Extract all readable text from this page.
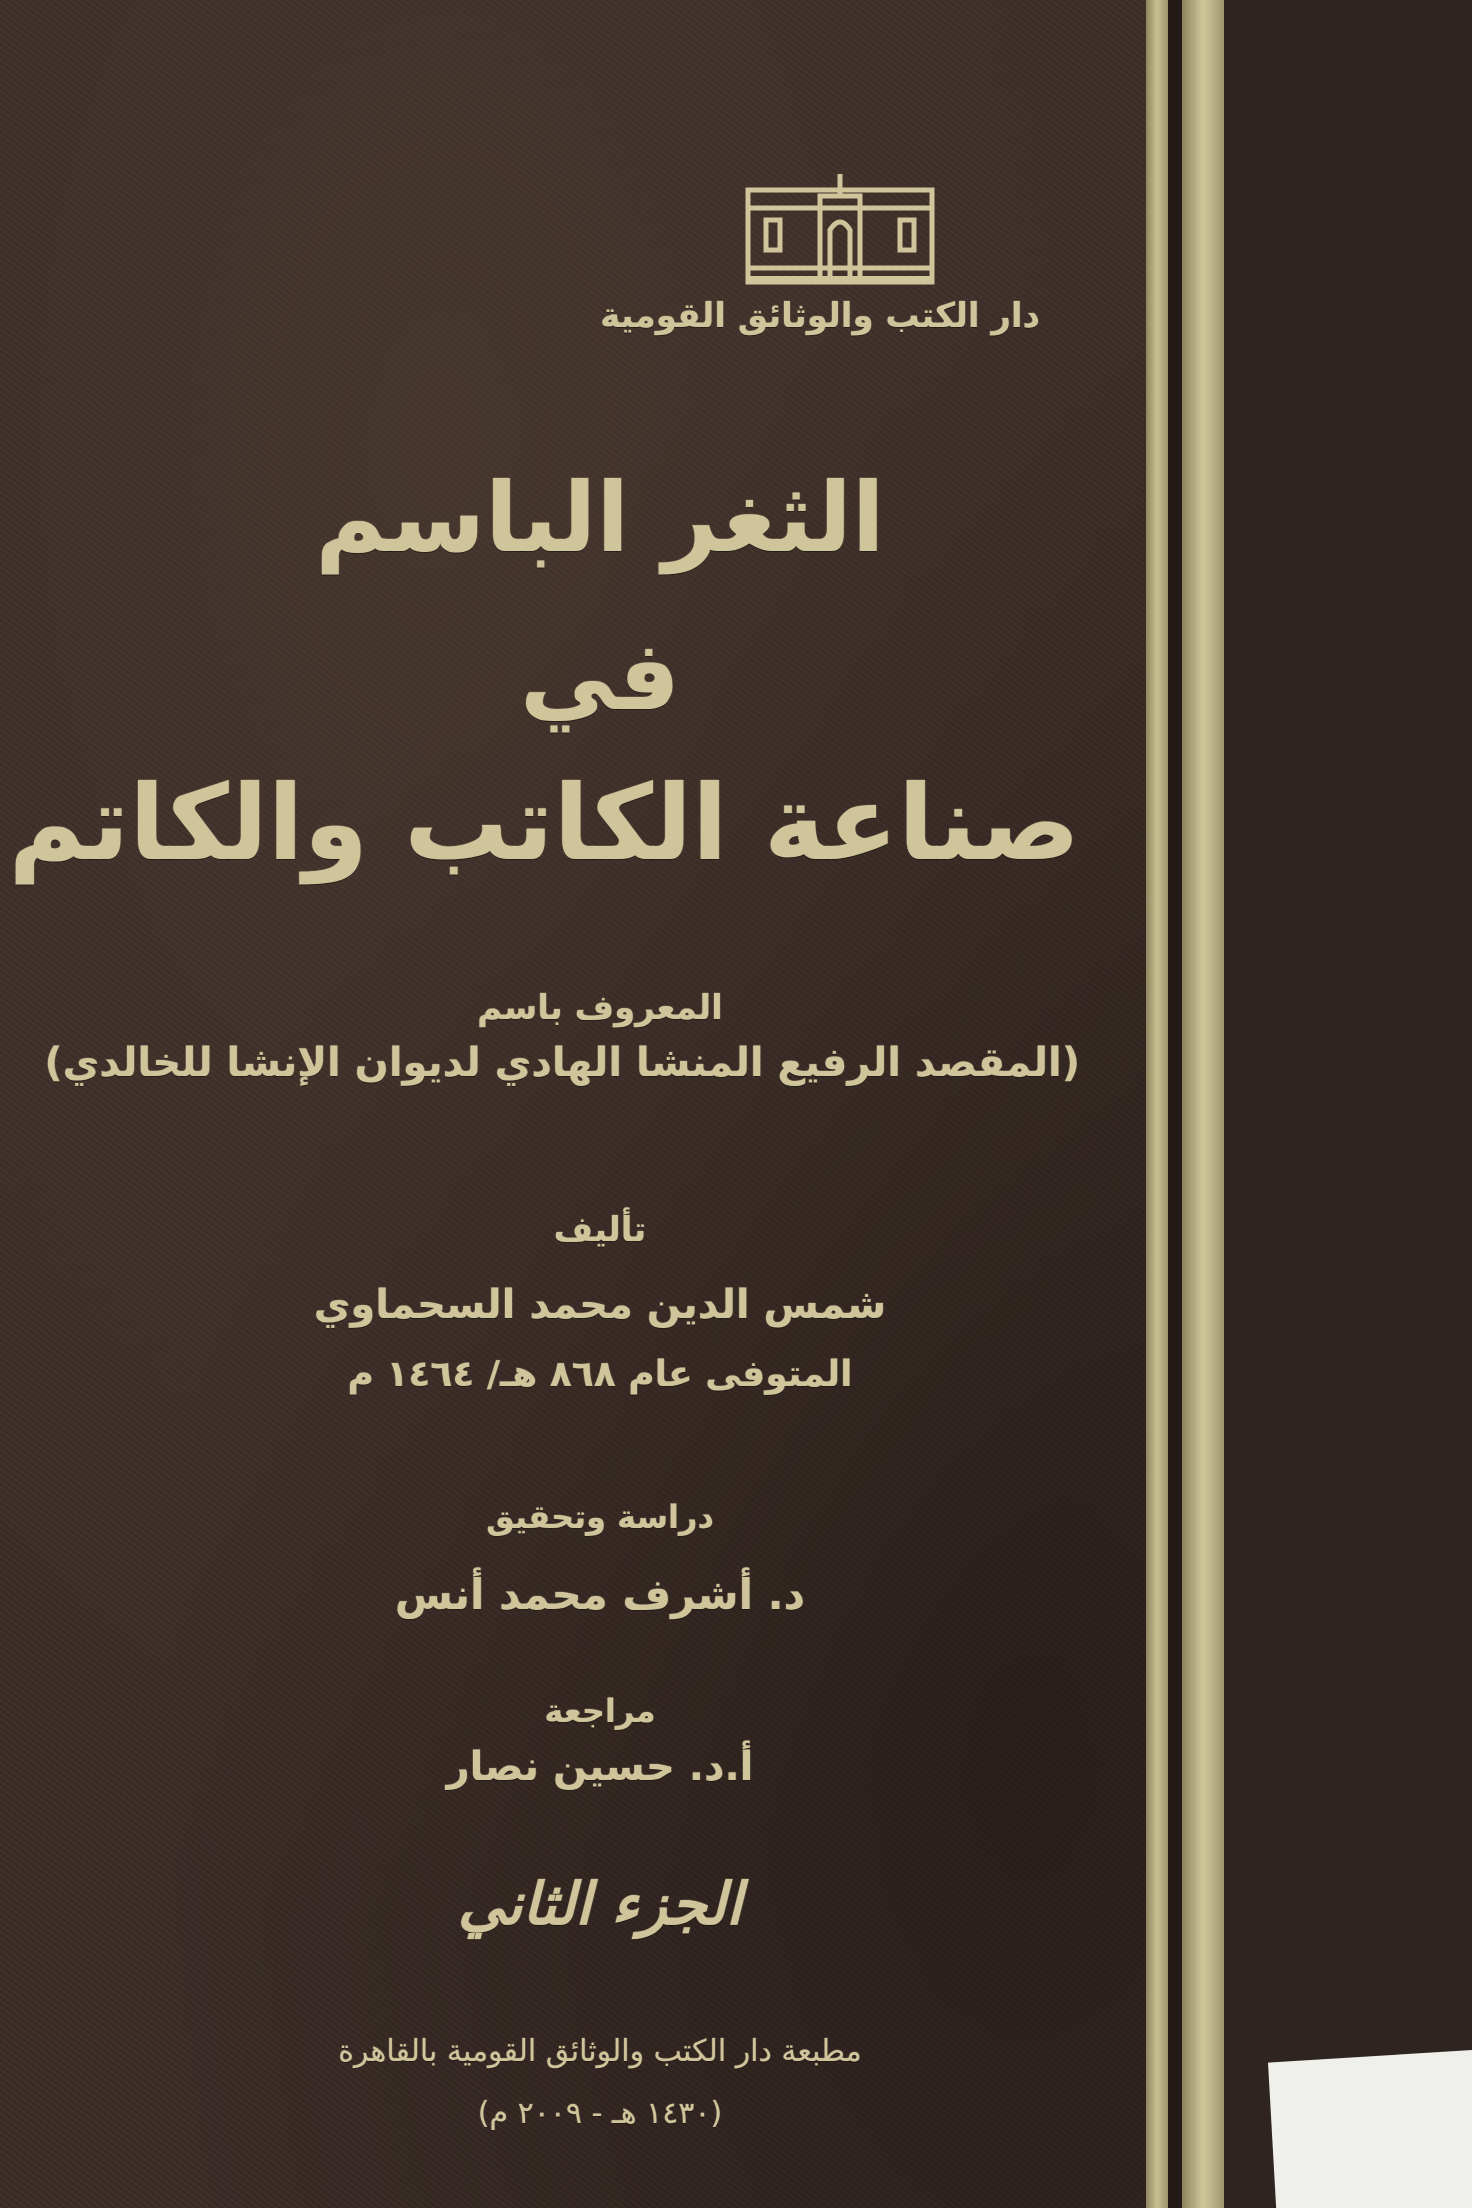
دار الكتب والوثائق القومية
الثغر الباسم
في
صناعة الكاتب والكاتم
المعروف باسم
(المقصد الرفيع المنشا الهادي لديوان الإنشا للخالدي)
تأليف
شمس الدين محمد السحماوي
المتوفى عام ٨٦٨ هـ/ ١٤٦٤ م
دراسة وتحقيق
د. أشرف محمد أنس
مراجعة
أ.د. حسين نصار
الجزء الثاني
مطبعة دار الكتب والوثائق القومية بالقاهرة
(١٤٣٠ هـ - ٢٠٠٩ م)
